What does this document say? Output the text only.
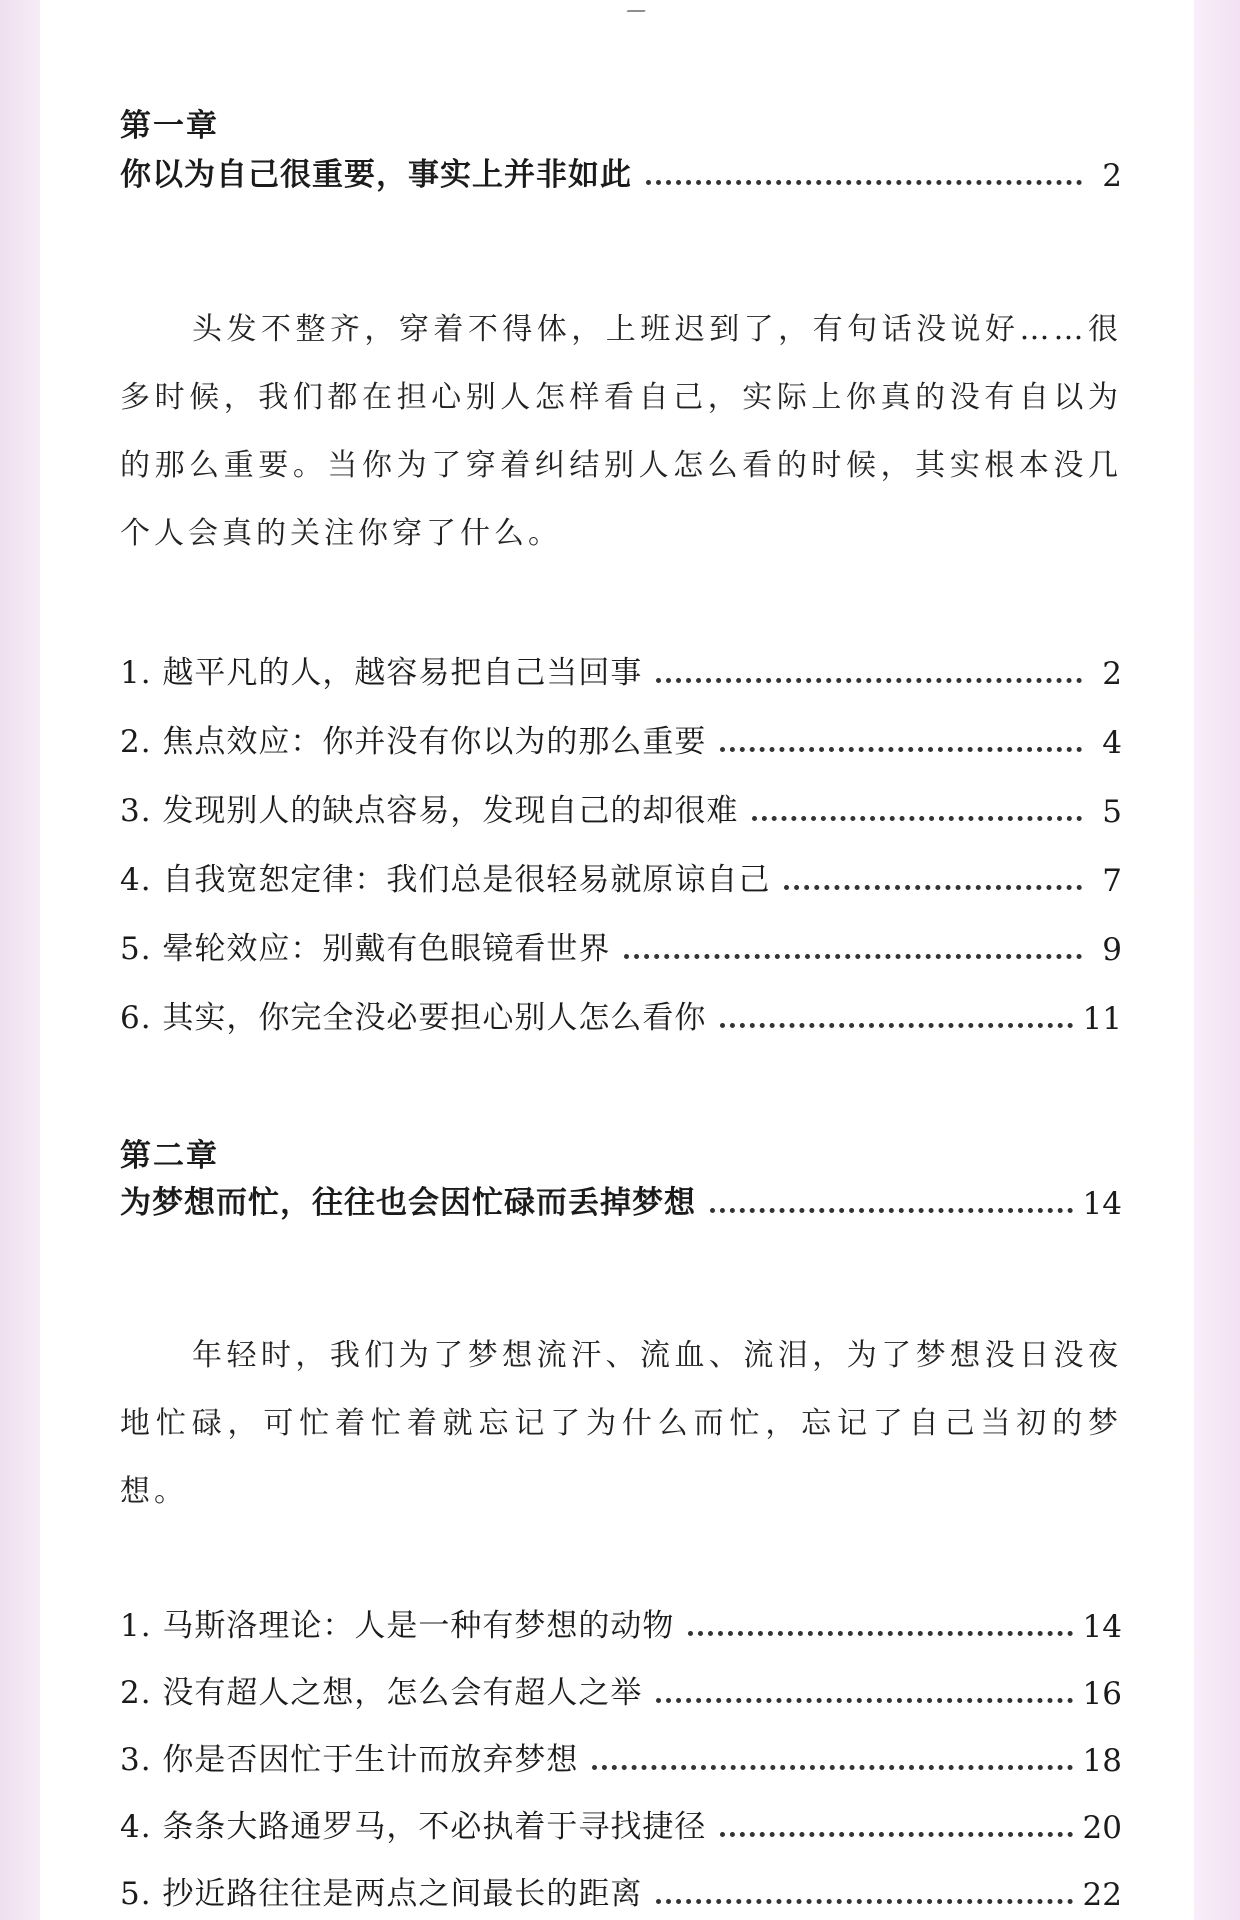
第一章
你以为自己很重要，事实上并非如此	2

头发不整齐，穿着不得体，上班迟到了，有句话没说好……很多时候，我们都在担心别人怎样看自己，实际上你真的没有自以为的那么重要。当你为了穿着纠结别人怎么看的时候，其实根本没几个人会真的关注你穿了什么。

1. 越平凡的人，越容易把自己当回事	2
2. 焦点效应：你并没有你以为的那么重要	4
3. 发现别人的缺点容易，发现自己的却很难	5
4. 自我宽恕定律：我们总是很轻易就原谅自己	7
5. 晕轮效应：别戴有色眼镜看世界	9
6. 其实，你完全没必要担心别人怎么看你	11
第二章
为梦想而忙，往往也会因忙碌而丢掉梦想	14

年轻时，我们为了梦想流汗、流血、流泪，为了梦想没日没夜地忙碌，可忙着忙着就忘记了为什么而忙，忘记了自己当初的梦想。

1. 马斯洛理论：人是一种有梦想的动物	14
2. 没有超人之想，怎么会有超人之举	16
3. 你是否因忙于生计而放弃梦想	18
4. 条条大路通罗马，不必执着于寻找捷径	20
5. 抄近路往往是两点之间最长的距离	22
